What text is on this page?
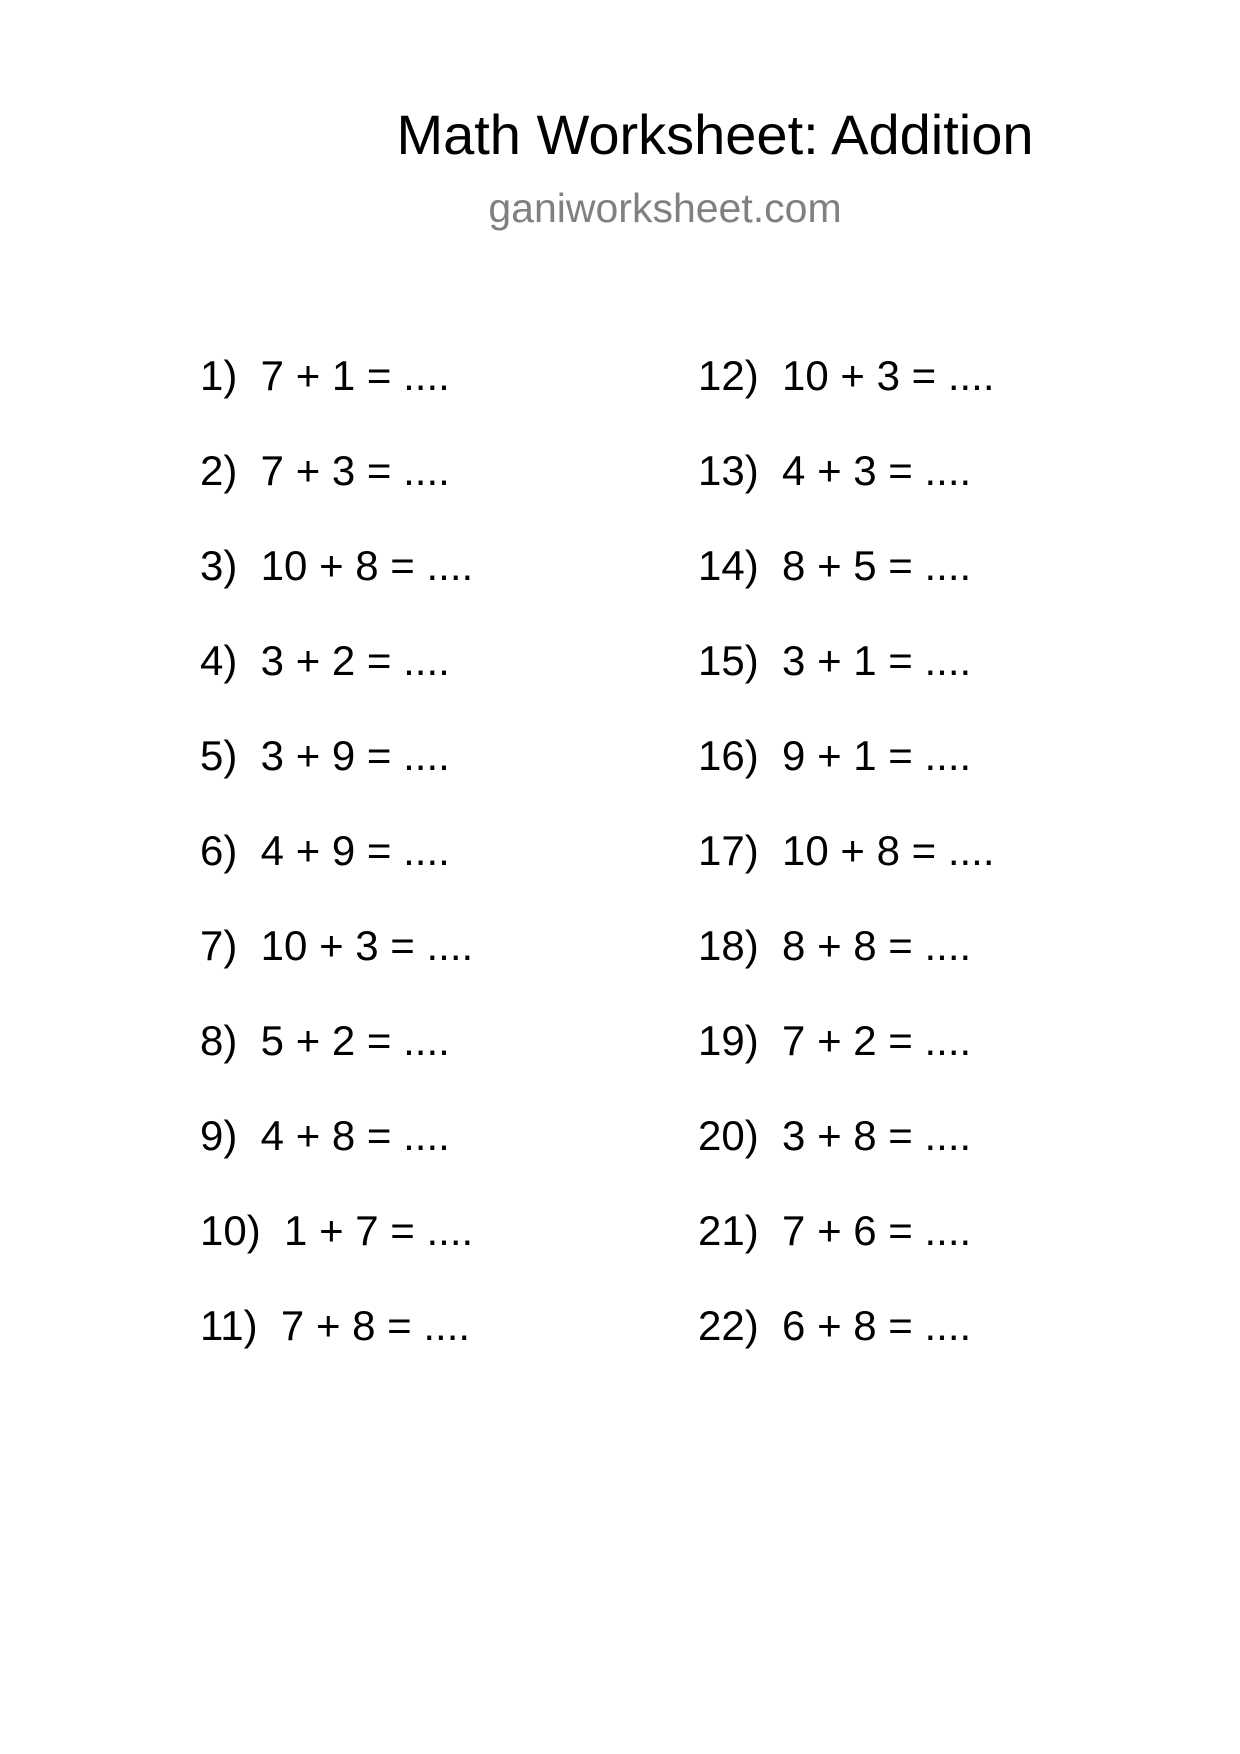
Math Worksheet: Addition
ganiworksheet.com
1)  7 + 1 = ....
2)  7 + 3 = ....
3)  10 + 8 = ....
4)  3 + 2 = ....
5)  3 + 9 = ....
6)  4 + 9 = ....
7)  10 + 3 = ....
8)  5 + 2 = ....
9)  4 + 8 = ....
10)  1 + 7 = ....
11)  7 + 8 = ....
12)  10 + 3 = ....
13)  4 + 3 = ....
14)  8 + 5 = ....
15)  3 + 1 = ....
16)  9 + 1 = ....
17)  10 + 8 = ....
18)  8 + 8 = ....
19)  7 + 2 = ....
20)  3 + 8 = ....
21)  7 + 6 = ....
22)  6 + 8 = ....
